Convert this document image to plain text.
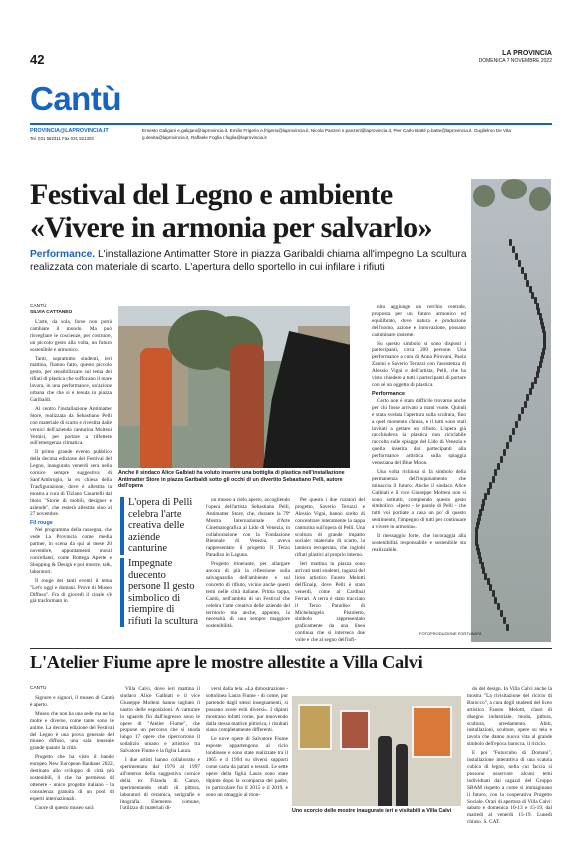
42	LA PROVINCIA
DOMENICA 7 NOVEMBRE 2022
Cantù
PROVINCIA@LAPROVINCIA.IT
Tel. 031 582311 Fax 031 521303
Ernesto Galigani e.galigani@laprovincia.it, Emilio Frigerio e.frigerio@laprovincia.it, Nicola Panzeri n.panzeri@laprovincia.it, Pier Carlo Batté p.batte@laprovincia.it, Guglielmo De Vita g.devita@laprovincia.it, Raffaele Foglia r.foglia@laprovincia.it
Festival del Legno e ambiente
«Vivere in armonia per salvarlo»
Performance. L'installazione Antimatter Store in piazza Garibaldi chiama all'impegno La scultura realizzata con materiale di scarto. L'apertura dello sportello in cui infilare i rifiuti
CANTÙ
SILVIA CATTANEO

L'arte, da sola, forse non potrà cambiare il mondo. Ma può risvegliare le coscienze, per costruire, un piccolo gesto alla volta, un futuro sostenibile e armonico.

Tanti, soprattutto studenti, ieri mattina, l'hanno fatto, questo piccolo gesto, per sensibilizzare sul tema dei rifiuti di plastica che soffocano il mare lavora, in una performance, un'azione urbana che che si è tenuta in piazza Garibaldi.

Al centro l'installazione Antimatter Store, realizzata da Sebastiano Pelli con materiale di scarto e rivestita dalle vernici dell'azienda canturina Molteni Vernici, per portare a riflettere sull'emergenza climatica.

Il primo grande evento pubblico della decima edizione del Festival del Legno, inaugurata venerdì sera nella cornice sempre suggestiva di Sant'Ambrogio, la ex chiesa della Trasfigurazione, dove è allestita la mostra a cura di Tiziano Casartelli dal titolo "Storie di mobili, designer e aziende", che resterà allestita sino al 27 novembre.

Fil rouge

Nel programma della rassegna, che vede La Provincia come media partner, in scena da qui al mese 20 novembre, appuntamenti moral concellanti, come Bottega Aperte e Shopping & Design e poi mostre, talk, laboratori.

Il rouge dei tanti eventi il tema "Let's oggi e domani. Prove di Museo Diffuso". Fra di giovedì il cinale s'è già trasformato in

Anche il sindaco Alice Galbiati ha voluto inserire una bottiglia di plastica nell'installazione Antimatter Store in piazza Garibaldi sotto gli occhi di un divertito Sebastiano Pelli, autore dell'opera
L'opera di Pelli celebra l'arte creativa delle aziende canturine
Impegnate duecento persone Il gesto simbolico di riempire di rifiuti la scultura

un museo a cielo aperto, accogliendo l'opera dell'artista Sebastiano Pelli, Antimatter Store, che, durante la 79ª Mostra Internazionale d'Arte Cinematografica al Lido di Venezia, in collaborazione con la Fondazione Biennale di Venezia, aveva rappresentato il progetto Il Terzo Paradiso in Laguna.

Progetto itinerante, per allargare ancora di più la riflessione sulla salvaguardia dell'ambiente e sul concetto di rifiuto, vicino anche questi temi nelle città italiane. Prima tappa, Cantù, nell'ambito di un Festival che celebra l'arte creativa delle aziende del territorio ma anche, appunto, la necessità di una sempre maggiore sostenibilità.

Per questo i due curatori del progetto, Saverio Teruzzi e Alessio Vigni, hanno scelto di concentrare interamente la tappa canturina sull'opera di Pelli. Una scultura di grande impatto sociale: materiale di scarto, la lamiera recuperata, che inglobi rifiuti plastici al proprio interno.

Ieri mattina in piazza sono arrivati tanti studenti, ragazzi del liceo artistico Fausto Melotti dell'Enaip, dove Pelli è stato venerdì, come al Cardinal Ferrari. A terra è stato tracciato il Terzo Paradiso di Michelangelo Pistoletto, simbolo rappresentato graficamente da una linea continua che si interseca due volte e che al segno dell'infi-

nito aggiunge un cerchio centrale, proposta per un futuro armonico ed equilibrato, dove natura e produzione dell'uomo, azione e innovazione, possano camminare insieme.

Su questo simbolo si sono disposti i partecipanti, circa 200 persone. Una performance a cura di Anna Pirovani, Paola Zanini e Saverio Teruzzi con l'assistenza di Alessio Vigni e dell'artista, Pelli, che ha visto chiedere a tutti i partecipanti di portare con sé un oggetto di plastica.

Performance

Certo non è stato difficile trovarne anche per chi fosse arrivato a mani vuote. Quindi è stata svelata l'apertura sulla scultura, fino a quel momento chiusa, e il tutti sono stati invitati a gettare un rifiuto. L'opera già racchiudeva la plastica non riciclabile raccolta sulle spiagge del Lido di Venezia e quella inserita dai partecipanti alla performance artistica sulla spiaggia veneziana del Blue Moon.

Una volta richiusa si fa simbolo della permanenza dell'inquinamento che minaccia il futuro. Anche il sindaco Alice Galbiati e il vice Giuseppe Molteni non si sono sottratti, compiendo questo gesto simbolico. «Ipero - le parole di Pelli - che tutti voi portiate a casa un po' di questo sentimento, l'impegno di tutti per continuare a vivere in armonia».

Il messaggio forte, che incoraggia alla sostenibilità responsabile e sostenibile sta realizzabile.

FOTOPRODUZIONE FORTUNATA
L'Atelier Fiume apre le mostre allestite a Villa Calvi
CANTÙ

Signore e signori, il museo di Cantù è aperto.

Museo che non ha una sede ma ne ha molte e diverse, come tante sono le anime. La decima edizione del Festival del Legno è una prova generale del museo diffuso, una sala museale grande quanto la città.

Progetto che ha visto il bando europeo New European Bauhaus 2022, destinato allo sviluppo di città più sostenibili, il che ha permesso di ottenere - unico progetto italiano - la consulenza gratuita di un pool di esperti internazionali.

Cuore di questo museo sarà

Villa Calvi, dove ieri mattina il sindaco Alice Galbiati e il vice Giuseppe Molteni hanno tagliato il nastro delle esposizioni. A catturare lo sguardo fin dall'ingresso sono le opere di "Atelier Fiume", che propone un percorso che si snoda lungo 17 opere che ripercorrono il sodalizio umano e artistico tra Salvatore Fiume e la figlia Laura.

I due artisti hanno collaborato e sperimentato dal 1976 al 1997 all'interno della suggestiva cornice della ex Filanda di Canzo, sperimentando studi di pittura, laboratori di ceramica, serigrafie e litografia. Elemento comune, l'utilizzo di materiali di-

versi dalla tela. «La dimostrazione - sottolinea Laura Fiume - di come, pur partendo dagli stessi insegnamenti, si possano avere esiti diversi». I dipinti mostrano infatti come, pur muovendo dalla stessa matrice pittorica, i risultati siano completamente differenti.

Le nove opere di Salvatore Fiume esposte appartengono al ciclo londinese e sono state realizzate tra il 1965 e il 1994 su diversi supporti come carta da parati o tessuti. Le sette opere della figlia Laura sono state dipinte dopo la scomparsa del padre, in particolare fra il 2015 e il 2019, e sono un omaggio al mon-

Uno scorcio delle mostre inaugurate ieri e visitabili a Villa Calvi

do del design. In Villa Calvi anche la mostra "La rivisitazione del riciclo di Barocco", a cura degli studenti del liceo artistico Fausto Melotti, classi di disegno industriale, moda, pittura, scultura, arredamento. Abiti, installazioni, sculture, opere su tela e tavola che danno nuova vita al grande simbolo dell'epoca barocca, il riciclo.

E poi "Futurcubo di Domani", installazione interattiva di una scatola cubica di legno, nella cui faccia si possono osservare alcuni temi individuati dai ragazzi del Gruppo SBAM rispetto a come si immaginano il futuro, con la cooperativa Progetto Sociale. Orari di apertura di Villa Calvi: sabato e domenica 10-13 e 15-19, dal martedì al venerdì 15-19. Lunedì chiuso. S. CAT.
